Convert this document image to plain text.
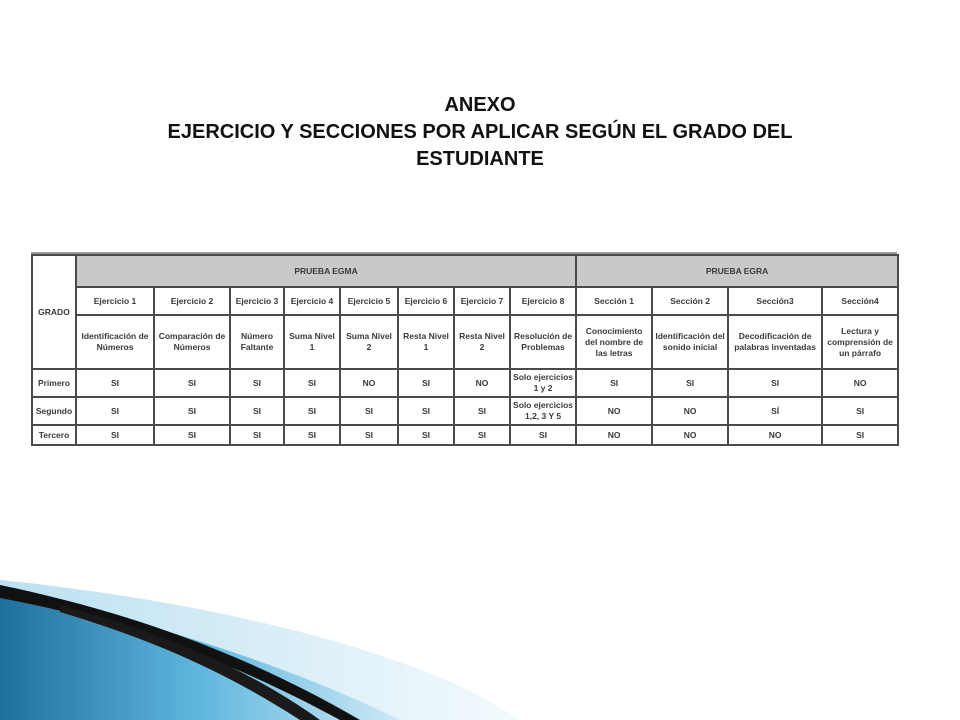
ANEXO
EJERCICIO Y SECCIONES POR APLICAR SEGÚN EL GRADO DEL
ESTUDIANTE
GRADO	PRUEBA EGMA								PRUEBA EGRA			
	Ejercicio 1	Ejercicio 2	Ejercicio 3	Ejercicio 4	Ejercicio 5	Ejercicio 6	Ejercicio 7	Ejercicio 8	Sección 1	Sección 2	Sección3	Sección4
	Identificación de Números	Comparación de Números	Número Faltante	Suma Nivel 1	Suma Nivel 2	Resta Nivel 1	Resta Nivel 2	Resolución de Problemas	Conocimiento del nombre de las letras	Identificación del sonido inicial	Decodificación de palabras inventadas	Lectura y comprensión de un párrafo
Primero	SI	SI	SI	SI	NO	SI	NO	Solo ejercicios 1 y 2	SI	SI	SI	NO
Segundo	SI	SI	SI	SI	SI	SI	SI	Solo ejercicios 1,2, 3 Y 5	NO	NO	SÍ	SI
Tercero	SI	SI	SI	SI	SI	SI	SI	SI	NO	NO	NO	SI
